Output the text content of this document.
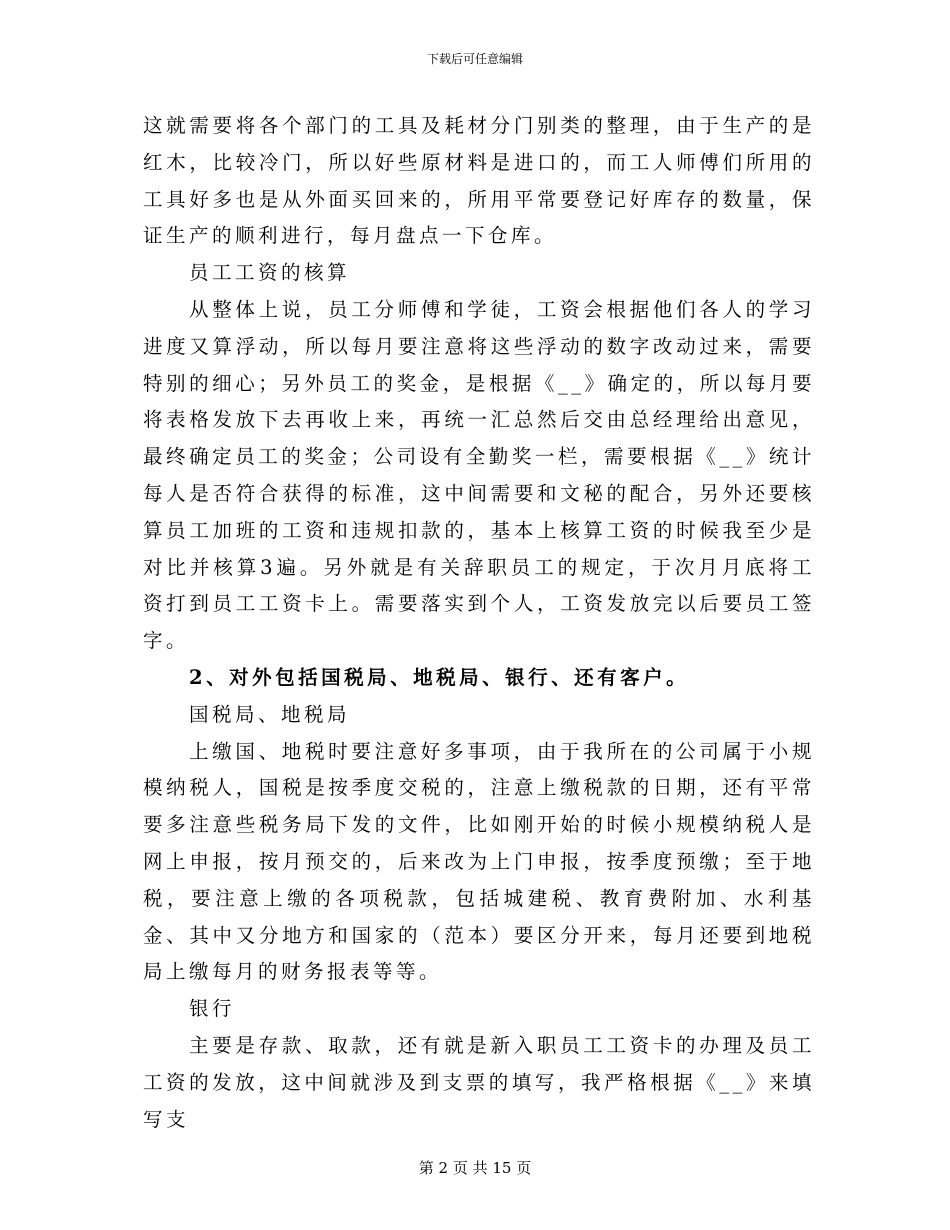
下载后可任意编辑

这就需要将各个部门的工具及耗材分门别类的整理，由于生产的是红木，比较冷门，所以好些原材料是进口的，而工人师傅们所用的工具好多也是从外面买回来的，所用平常要登记好库存的数量，保证生产的顺利进行，每月盘点一下仓库。

员工工资的核算

从整体上说，员工分师傅和学徒，工资会根据他们各人的学习进度又算浮动，所以每月要注意将这些浮动的数字改动过来，需要特别的细心；另外员工的奖金，是根据《__》确定的，所以每月要将表格发放下去再收上来，再统一汇总然后交由总经理给出意见，最终确定员工的奖金；公司设有全勤奖一栏，需要根据《__》统计每人是否符合获得的标准，这中间需要和文秘的配合，另外还要核算员工加班的工资和违规扣款的，基本上核算工资的时候我至少是对比并核算3遍。另外就是有关辞职员工的规定，于次月月底将工资打到员工工资卡上。需要落实到个人，工资发放完以后要员工签字。

2、对外包括国税局、地税局、银行、还有客户。

国税局、地税局

上缴国、地税时要注意好多事项，由于我所在的公司属于小规模纳税人，国税是按季度交税的，注意上缴税款的日期，还有平常要多注意些税务局下发的文件，比如刚开始的时候小规模纳税人是网上申报，按月预交的，后来改为上门申报，按季度预缴；至于地税，要注意上缴的各项税款，包括城建税、教育费附加、水利基金、其中又分地方和国家的（范本）要区分开来，每月还要到地税局上缴每月的财务报表等等。

银行

主要是存款、取款，还有就是新入职员工工资卡的办理及员工工资的发放，这中间就涉及到支票的填写，我严格根据《__》来填写支

第 2 页 共 15 页
